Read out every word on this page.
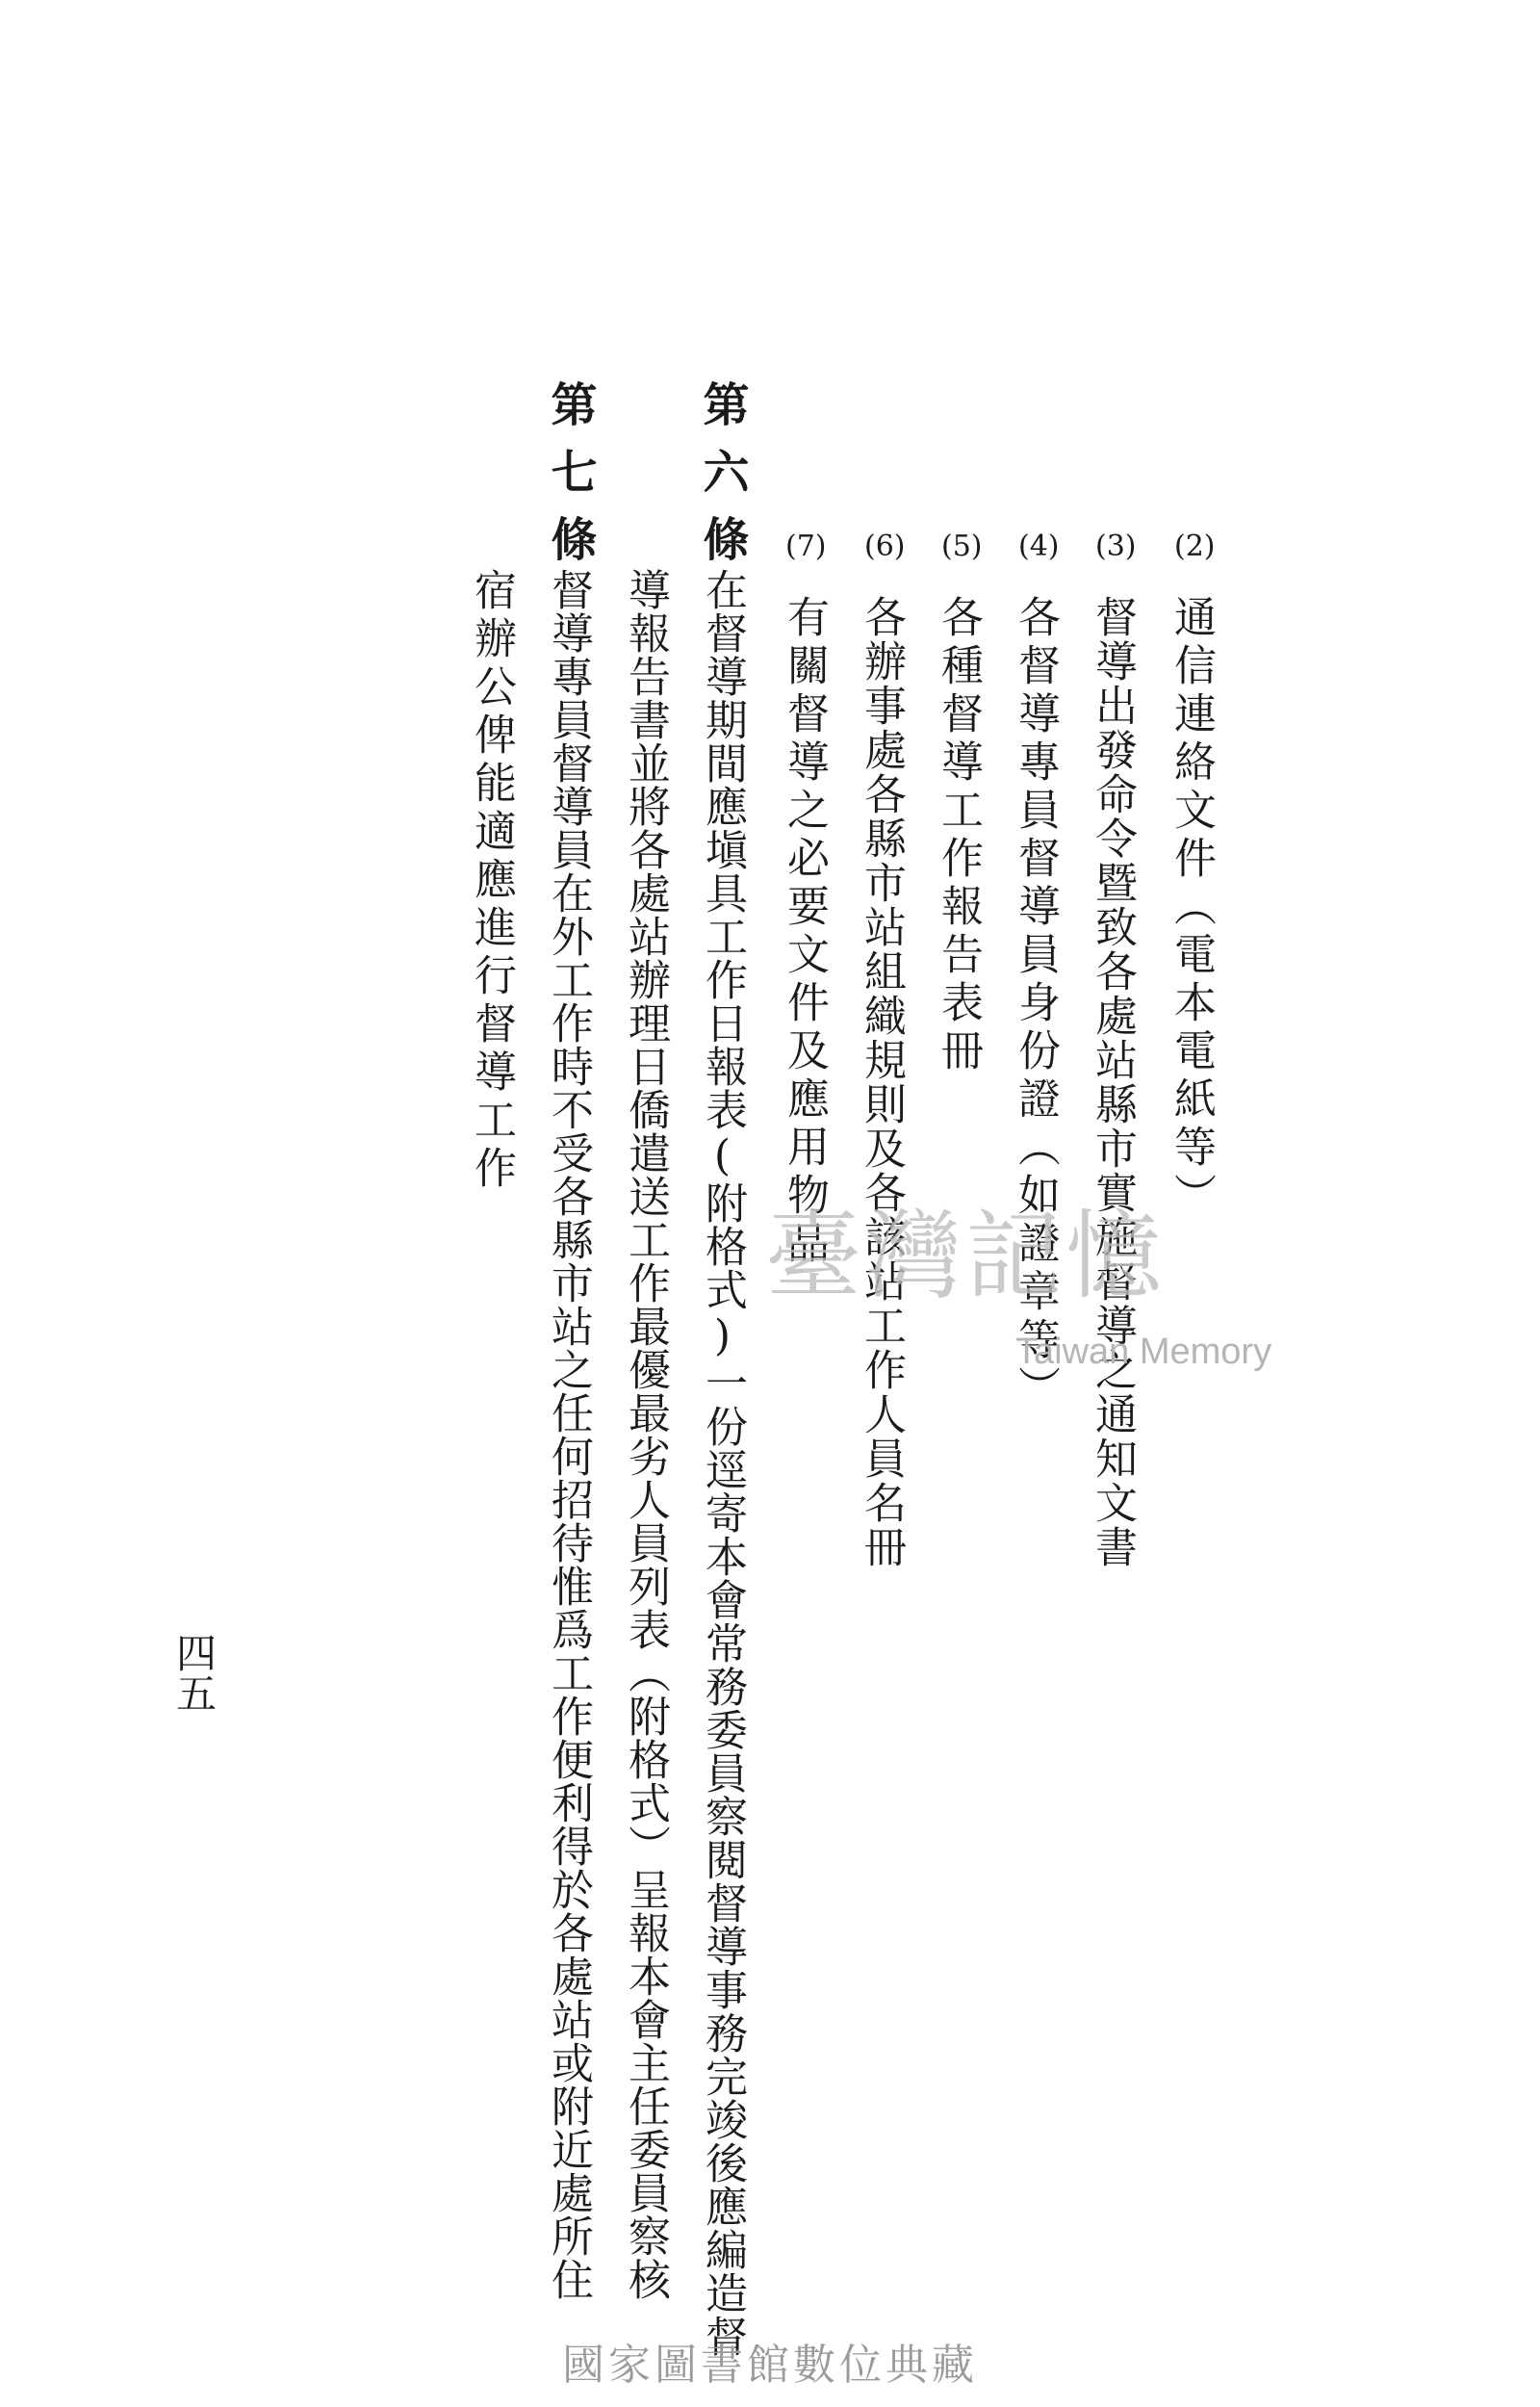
(2)
通信連絡文件（電本電紙等）
(3)
督導出發命令暨致各處站縣市實施督導之通知文書
(4)
各督導專員督導員身份證（如證章等）
(5)
各種督導工作報告表冊
(6)
各辦事處各縣市站組織規則及各該站工作人員名冊
(7)
有關督導之必要文件及應用物品
第六條
在督導期間應塡具工作日報表(附格式)一份逕寄本會常務委員察閱督導事務完竣後應編造督
導報告書並將各處站辦理日僑遣送工作最優最劣人員列表（附格式）呈報本會主任委員察核
第七條
督導專員督導員在外工作時不受各縣市站之任何招待惟爲工作便利得於各處站或附近處所住
宿辦公俾能適應進行督導工作
臺灣記憶
Taiwan Memory
四五
國家圖書館數位典藏
